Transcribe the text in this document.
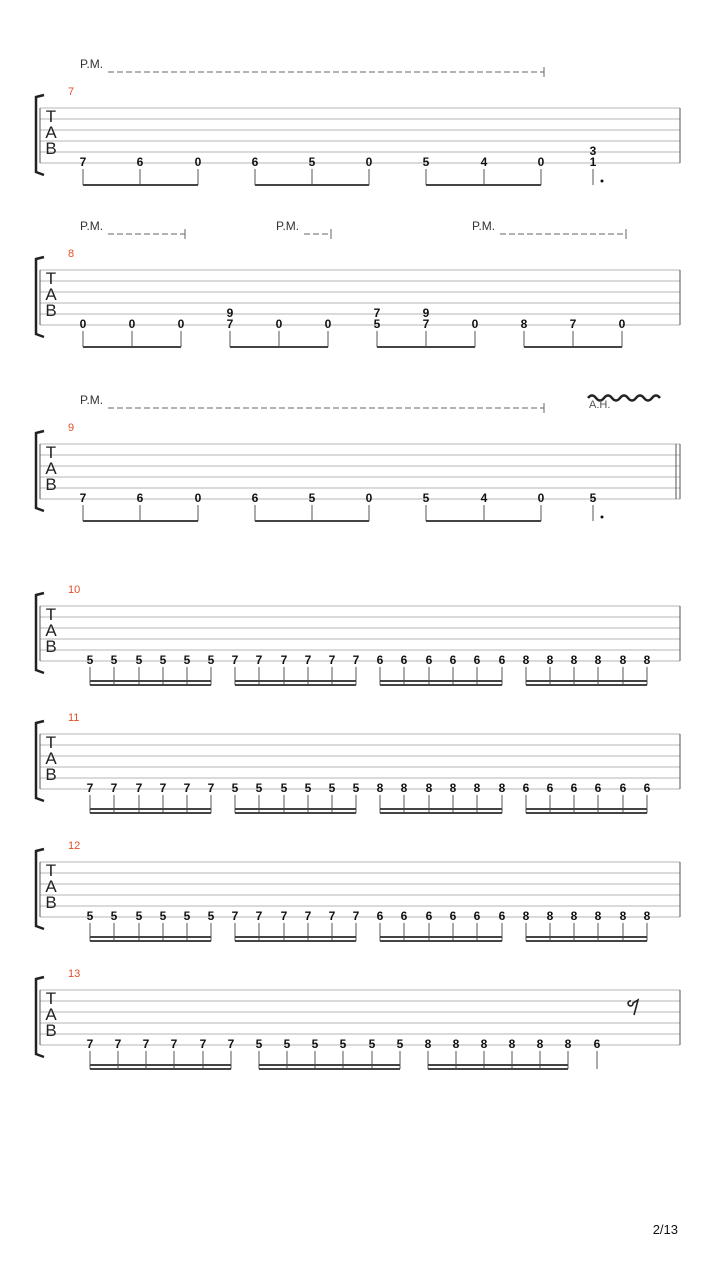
T
A
B
7
P.M.
7	6	0	6	5	0	5	4	0
3
1
T
A
B
8
P.M.	P.M.	P.M.
0	0	0
9
7	0	0
7
5
9
7	0	8	7	0
T
A
B
9
P.M.	A.H.
7	6	0	6	5	0	5	4	0	5
T
A
B
10
5 5 5 5 5 5 7 7 7 7 7 7 6 6 6 6 6 6 8 8 8 8 8 8
T
A
B
11
7 7 7 7 7 7 5 5 5 5 5 5 8 8 8 8 8 8 6 6 6 6 6 6
T
A
B
12
5 5 5 5 5 5 7 7 7 7 7 7 6 6 6 6 6 6 8 8 8 8 8 8
T
A
B
13
7 7 7 7 7 7 5 5 5 5 5 5 8 8 8 8 8 8 6
2/13
